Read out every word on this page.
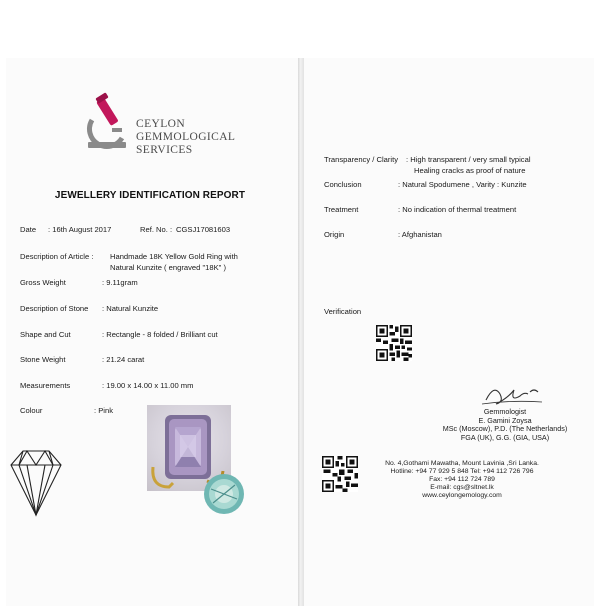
CEYLON
GEMMOLOGICAL
SERVICES
JEWELLERY IDENTIFICATION REPORT
Date : 16th August 2017	Ref. No. : CGSJ17081603
Description of Article : Handmade 18K Yellow Gold Ring with
Natural Kunzite ( engraved "18K" )
Gross Weight	: 9.11gram
Description of Stone : Natural Kunzite
Shape and Cut	: Rectangle - 8 folded / Brilliant cut
Stone Weight	: 21.24 carat
Measurements	: 19.00 x 14.00 x 11.00 mm
Colour	: Pink
Transparency / Clarity : High transparent / very small typical
Healing cracks as proof of nature
Conclusion	: Natural Spodumene , Varity : Kunzite
Treatment	: No indication of thermal treatment
Origin	: Afghanistan
Verification
Gemmologist
E. Gamini Zoysa
MSc (Moscow), P.D. (The Netherlands)
FGA (UK), G.G. (GIA, USA)
No. 4,Gothami Mawatha, Mount Lavinia ,Sri Lanka.
Hotline: +94 77 929 5 848 Tel: +94 112 726 796
Fax: +94 112 724 789
E-mail: cgs@sltnet.lk
www.ceylongemology.com
